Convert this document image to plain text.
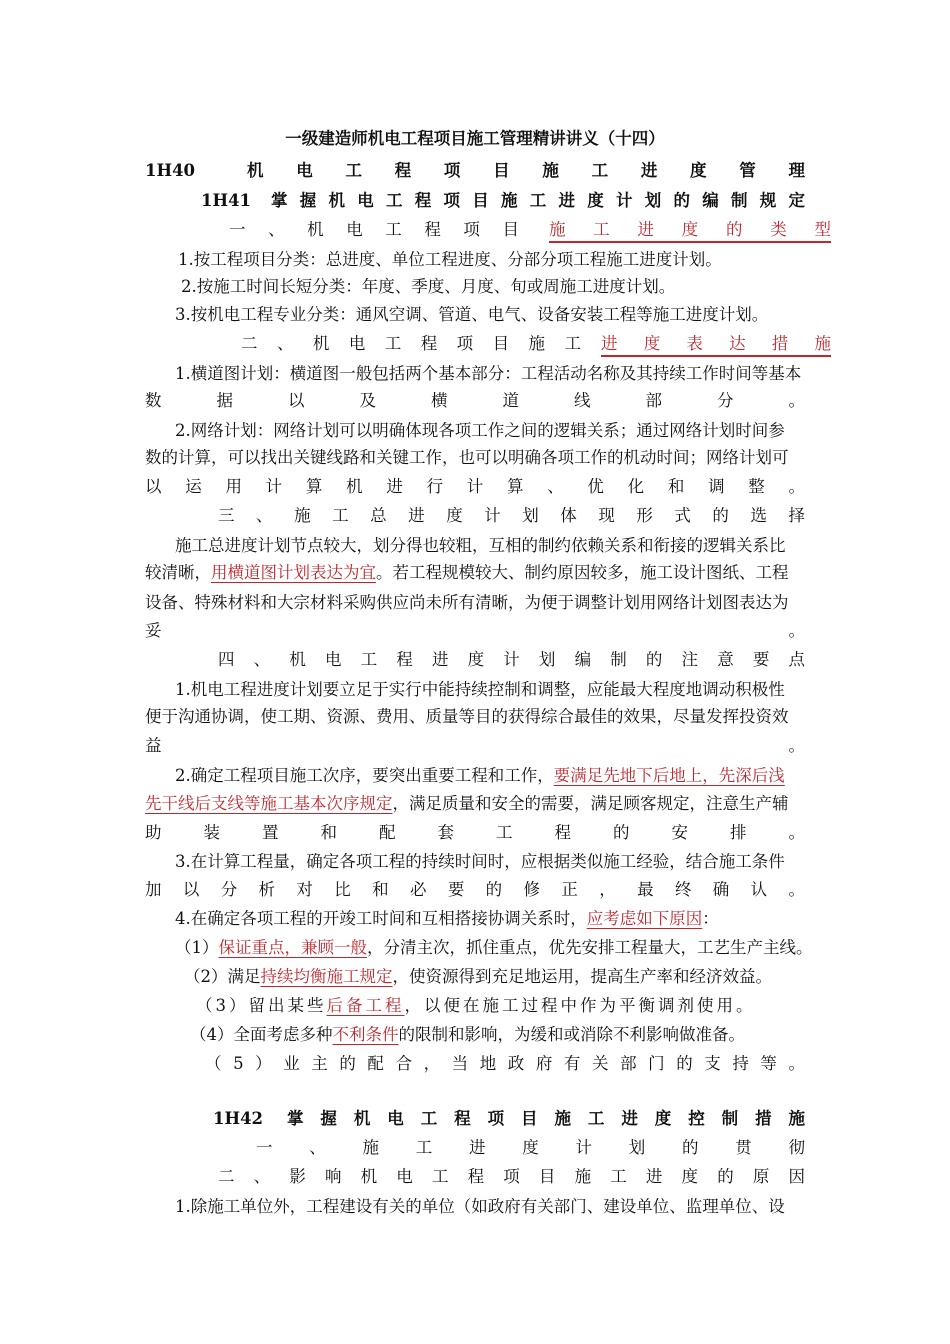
一级建造师机电工程项目施工管理精讲讲义（十四）
1H40	机电工程项目施工进度管理
1H41 掌握机电工程项目施工进度计划的编制规定
一、机电工程项目 施工进度的类型
1.按工程项目分类：总进度、单位工程进度、分部分项工程施工进度计划。
2.按施工时间长短分类：年度、季度、月度、旬或周施工进度计划。
3.按机电工程专业分类：通风空调、管道、电气、设备安装工程等施工进度计划。
二、机电工程项目施工 进度表达措施
1.横道图计划：横道图一般包括两个基本部分：工程活动名称及其持续工作时间等基本
数据以及横道线部分。
2.网络计划：网络计划可以明确体现各项工作之间的逻辑关系；通过网络计划时间参
数的计算，可以找出关键线路和关键工作，也可以明确各项工作的机动时间；网络计划可
以运用计算机进行计算、优化和调整。
三、施工总进度计划体现形式的选择
施工总进度计划节点较大，划分得也较粗，互相的制约依赖关系和衔接的逻辑关系比
较清晰，用横道图计划表达为宜。若工程规模较大、制约原因较多，施工设计图纸、工程
设备、特殊材料和大宗材料采购供应尚未所有清晰，为便于调整计划用网络计划图表达为
妥。
四、机电工程进度计划编制的注意要点
1.机电工程进度计划要立足于实行中能持续控制和调整，应能最大程度地调动积极性
便于沟通协调，使工期、资源、费用、质量等目的获得综合最佳的效果，尽量发挥投资效
益。
2.确定工程项目施工次序，要突出重要工程和工作，要满足先地下后地上，先深后浅
先干线后支线等施工基本次序规定，满足质量和安全的需要，满足顾客规定，注意生产辅
助装置和配套工程的安排。
3.在计算工程量，确定各项工程的持续时间时，应根据类似施工经验，结合施工条件
加以分析对比和必要的修正，最终确认。
4.在确定各项工程的开竣工时间和互相搭接协调关系时，应考虑如下原因：
（1）保证重点，兼顾一般，分清主次，抓住重点，优先安排工程量大，工艺生产主线。
（2）满足持续均衡施工规定，使资源得到充足地运用，提高生产率和经济效益。
（3）留出某些后备工程，以便在施工过程中作为平衡调剂使用。
（4）全面考虑多种不利条件的限制和影响，为缓和或消除不利影响做准备。
（5）业主的配合，当地政府有关部门的支持等。
1H42 掌握机电工程项目施工进度控制措施
一、施工进度计划的贯彻
二、影响机电工程项目施工进度的原因
1.除施工单位外，工程建设有关的单位（如政府有关部门、建设单位、监理单位、设
